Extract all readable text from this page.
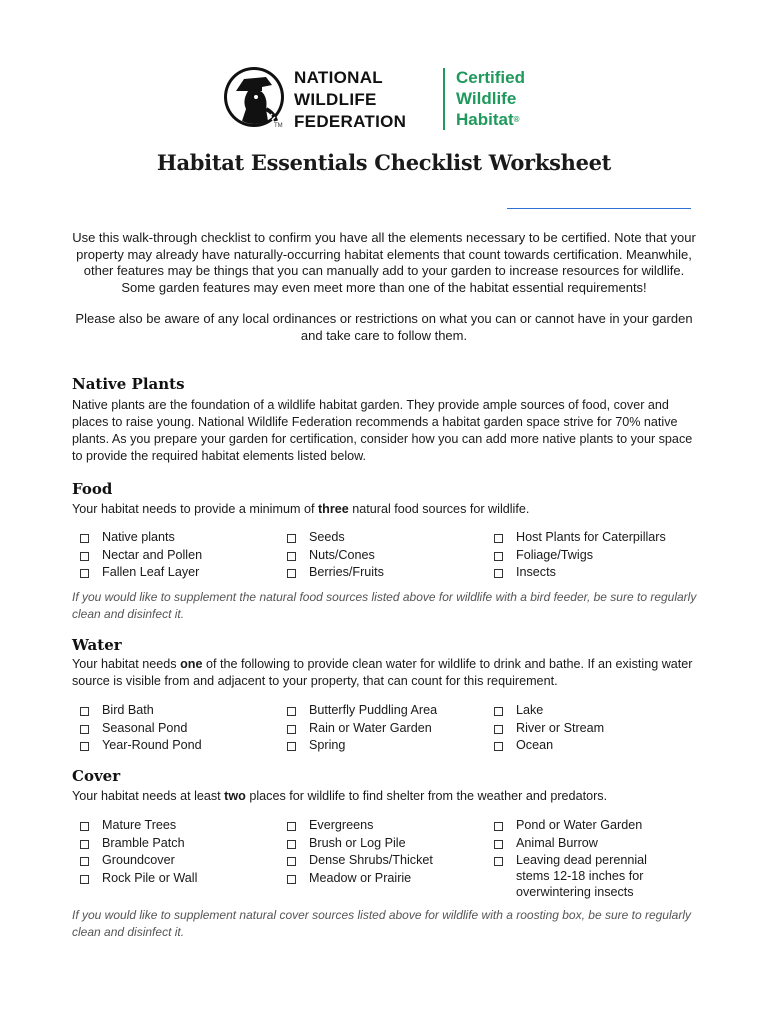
TM
NATIONAL
WILDLIFE
FEDERATION
Certified
Wildlife
Habitat®
Habitat Essentials Checklist Worksheet

Use this walk-through checklist to confirm you have all the elements necessary to be certified. Note that your property may already have naturally-occurring habitat elements that count towards certification. Meanwhile, other features may be things that you can manually add to your garden to increase resources for wildlife. Some garden features may even meet more than one of the habitat essential requirements!

Please also be aware of any local ordinances or restrictions on what you can or cannot have in your garden and take care to follow them.

Native Plants

Native plants are the foundation of a wildlife habitat garden. They provide ample sources of food, cover and places to raise young. National Wildlife Federation recommends a habitat garden space strive for 70% native plants. As you prepare your garden for certification, consider how you can add more native plants to your space to provide the required habitat elements listed below.

Food

Your habitat needs to provide a minimum of three natural food sources for wildlife.

Native plants
Nectar and Pollen
Fallen Leaf Layer
Seeds
Nuts/Cones
Berries/Fruits
Host Plants for Caterpillars
Foliage/Twigs
Insects

If you would like to supplement the natural food sources listed above for wildlife with a bird feeder, be sure to regularly clean and disinfect it.

Water

Your habitat needs one of the following to provide clean water for wildlife to drink and bathe. If an existing water source is visible from and adjacent to your property, that can count for this requirement.

Bird Bath
Seasonal Pond
Year-Round Pond
Butterfly Puddling Area
Rain or Water Garden
Spring
Lake
River or Stream
Ocean
Cover

Your habitat needs at least two places for wildlife to find shelter from the weather and predators.

Mature Trees
Bramble Patch
Groundcover
Rock Pile or Wall
Evergreens
Brush or Log Pile
Dense Shrubs/Thicket
Meadow or Prairie
Pond or Water Garden
Animal Burrow
Leaving dead perennial stems 12-18 inches for overwintering insects

If you would like to supplement natural cover sources listed above for wildlife with a roosting box, be sure to regularly clean and disinfect it.
